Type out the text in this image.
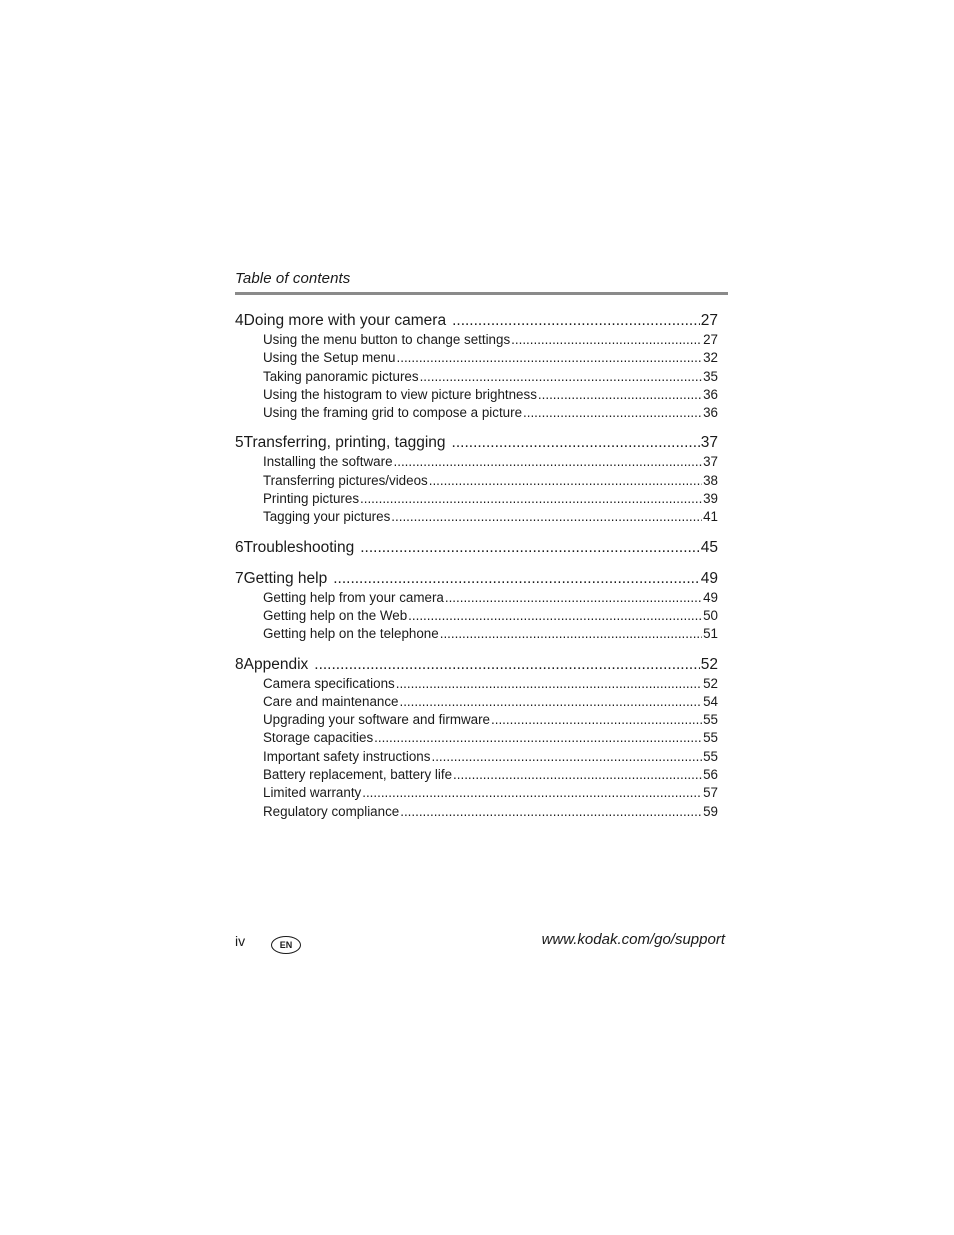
Table of contents
4 Doing more with your camera .....	27
Using the menu button to change settings .....	27
Using the Setup menu .....	32
Taking panoramic pictures .....	35
Using the histogram to view picture brightness .....	36
Using the framing grid to compose a picture .....	36
5 Transferring, printing, tagging .....	37
Installing the software .....	37
Transferring pictures/videos .....	38
Printing pictures .....	39
Tagging your pictures .....	41
6 Troubleshooting .....	45
7 Getting help .....	49
Getting help from your camera .....	49
Getting help on the Web .....	50
Getting help on the telephone .....	51
8 Appendix .....	52
Camera specifications .....	52
Care and maintenance .....	54
Upgrading your software and firmware .....	55
Storage capacities .....	55
Important safety instructions .....	55
Battery replacement, battery life .....	56
Limited warranty .....	57
Regulatory compliance .....	59
iv	EN	www.kodak.com/go/support
